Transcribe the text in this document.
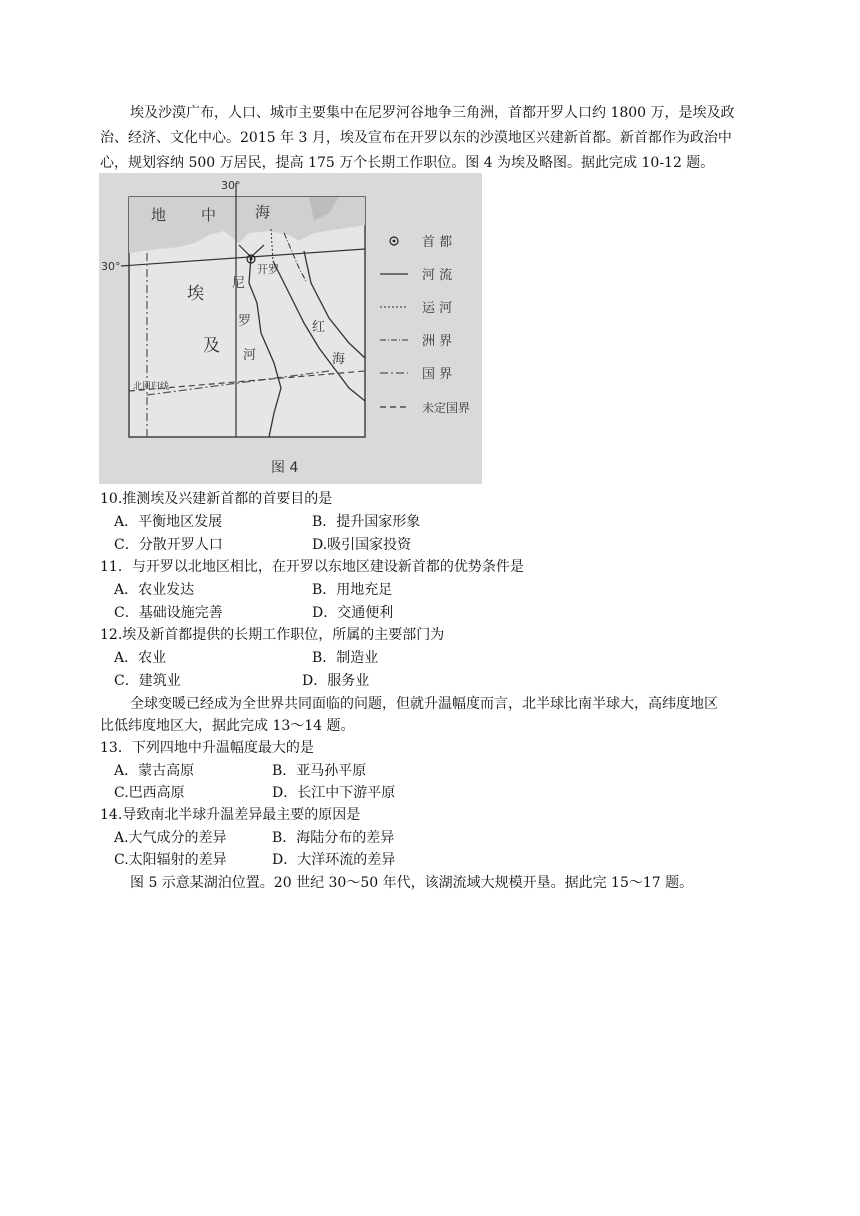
埃及沙漠广布，人口、城市主要集中在尼罗河谷地争三角洲，首都开罗人口约 1800 万，是埃及政
治、经济、文化中心。2015 年 3 月，埃及宣布在开罗以东的沙漠地区兴建新首都。新首都作为政治中
心，规划容纳 500 万居民，提高 175 万个长期工作职位。图 4 为埃及略图。据此完成 10-12 题。
30°
30°
地 中	海
埃
及
尼
罗
河
红
海
开罗
北回归线
首 都
河 流
运 河
洲 界
国 界
未定国界
图 4
10.推测埃及兴建新首都的首要目的是
A．平衡地区发展	B．提升国家形象
C．分散开罗人口	D.吸引国家投资
11．与开罗以北地区相比，在开罗以东地区建设新首都的优势条件是
A．农业发达	B．用地充足
C．基础设施完善	D．交通便利
12.埃及新首都提供的长期工作职位，所属的主要部门为
A．农业	B．制造业
C．建筑业	D．服务业
全球变暖已经成为全世界共同面临的问题，但就升温幅度而言，北半球比南半球大，高纬度地区
比低纬度地区大，据此完成 13～14 题。
13．下列四地中升温幅度最大的是
A．蒙古高原	B．亚马孙平原
C.巴西高原	D．长江中下游平原
14.导致南北半球升温差异最主要的原因是
A.大气成分的差异	B．海陆分布的差异
C.太阳辐射的差异	D．大洋环流的差异
图 5 示意某湖泊位置。20 世纪 30～50 年代，该湖流域大规模开垦。据此完 15～17 题。
